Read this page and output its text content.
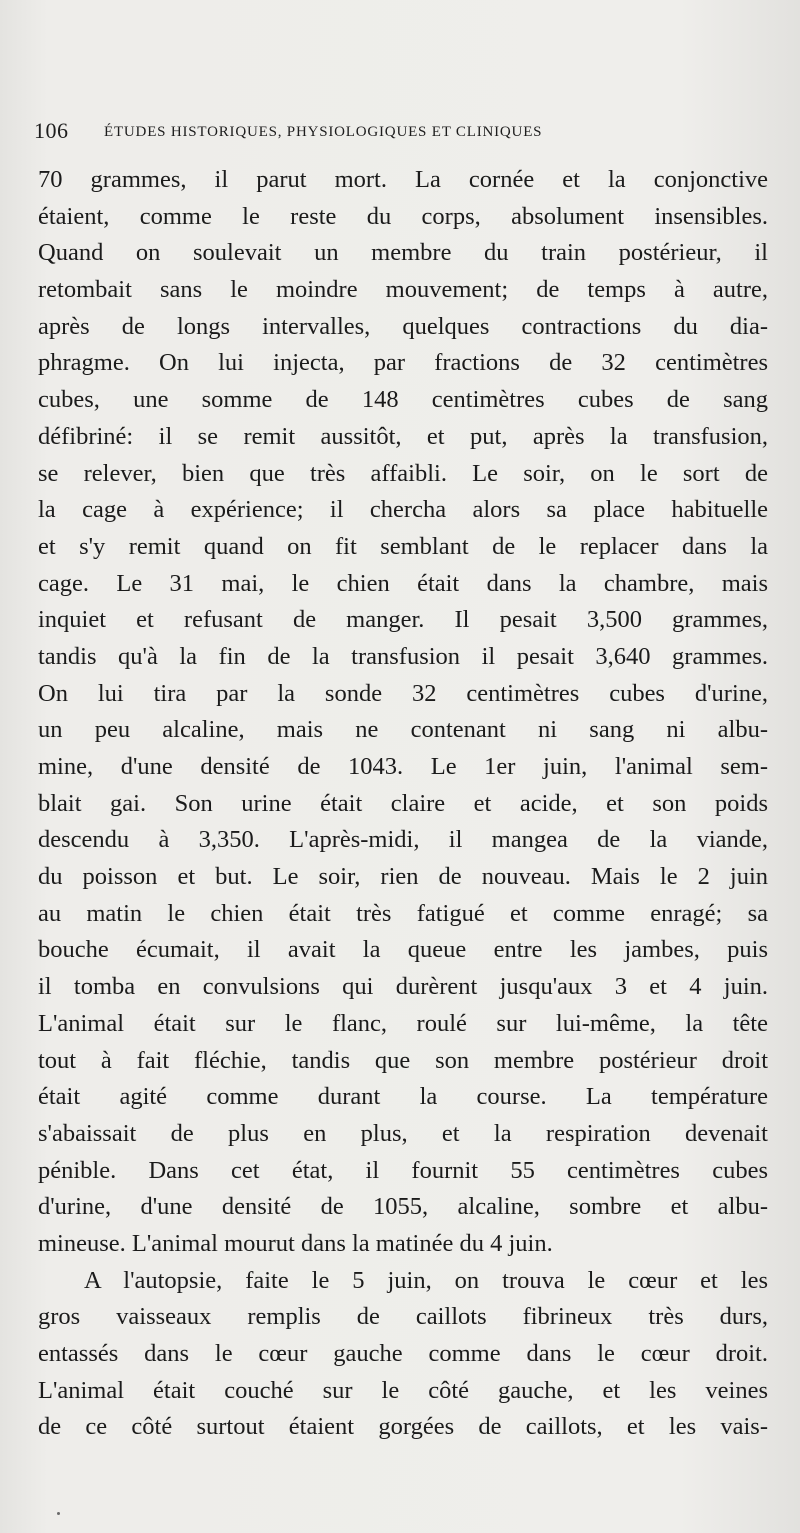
106 ÉTUDES HISTORIQUES, PHYSIOLOGIQUES ET CLINIQUES
70 grammes, il parut mort. La cornée et la conjonctive
étaient, comme le reste du corps, absolument insensibles.
Quand on soulevait un membre du train postérieur, il
retombait sans le moindre mouvement; de temps à autre,
après de longs intervalles, quelques contractions du dia-
phragme. On lui injecta, par fractions de 32 centimètres
cubes, une somme de 148 centimètres cubes de sang
défibriné: il se remit aussitôt, et put, après la transfusion,
se relever, bien que très affaibli. Le soir, on le sort de
la cage à expérience; il chercha alors sa place habituelle
et s'y remit quand on fit semblant de le replacer dans la
cage. Le 31 mai, le chien était dans la chambre, mais
inquiet et refusant de manger. Il pesait 3,500 grammes,
tandis qu'à la fin de la transfusion il pesait 3,640 grammes.
On lui tira par la sonde 32 centimètres cubes d'urine,
un peu alcaline, mais ne contenant ni sang ni albu-
mine, d'une densité de 1043. Le 1er juin, l'animal sem-
blait gai. Son urine était claire et acide, et son poids
descendu à 3,350. L'après-midi, il mangea de la viande,
du poisson et but. Le soir, rien de nouveau. Mais le 2 juin
au matin le chien était très fatigué et comme enragé; sa
bouche écumait, il avait la queue entre les jambes, puis
il tomba en convulsions qui durèrent jusqu'aux 3 et 4 juin.
L'animal était sur le flanc, roulé sur lui-même, la tête
tout à fait fléchie, tandis que son membre postérieur droit
était agité comme durant la course. La température
s'abaissait de plus en plus, et la respiration devenait
pénible. Dans cet état, il fournit 55 centimètres cubes
d'urine, d'une densité de 1055, alcaline, sombre et albu-
mineuse. L'animal mourut dans la matinée du 4 juin.
A l'autopsie, faite le 5 juin, on trouva le cœur et les
gros vaisseaux remplis de caillots fibrineux très durs,
entassés dans le cœur gauche comme dans le cœur droit.
L'animal était couché sur le côté gauche, et les veines
de ce côté surtout étaient gorgées de caillots, et les vais-
